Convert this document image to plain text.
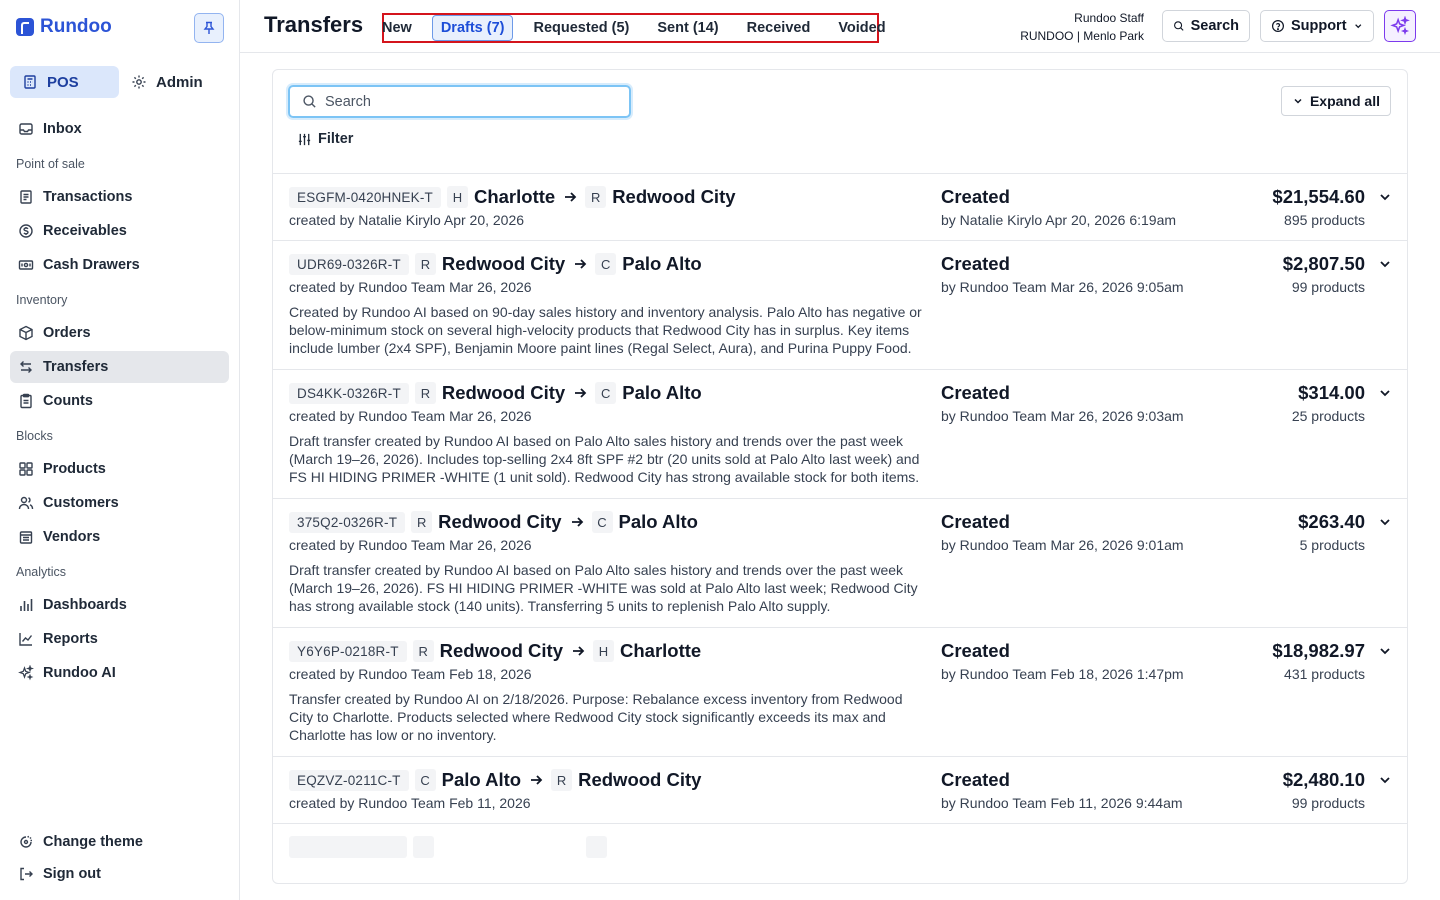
Rundoo
POS	Admin
Inbox
Point of sale
Transactions
Receivables
Cash Drawers
Inventory
Orders
Transfers
Counts
Blocks
Products
Customers
Vendors
Analytics
Dashboards
Reports
Rundoo AI
Change theme
Sign out
Transfers New	Drafts (7)	Requested (5)	Sent (14)	Received	Voided
Rundoo Staff
RUNDOO | Menlo Park
Search	Support
Search
Filter
Expand all
ESGFM-0420HNEK-T	H Charlotte	R Redwood City
created by Natalie Kirylo Apr 20, 2026
Created
by Natalie Kirylo Apr 20, 2026 6:19am
$21,554.60
895 products
UDR69-0326R-T	R Redwood City	C Palo Alto
created by Rundoo Team Mar 26, 2026
Created by Rundoo AI based on 90-day sales history and inventory analysis. Palo Alto has negative or below-minimum stock on several high-velocity products that Redwood City has in surplus. Key items include lumber (2x4 SPF), Benjamin Moore paint lines (Regal Select, Aura), and Purina Puppy Food.
Created
by Rundoo Team Mar 26, 2026 9:05am
$2,807.50
99 products
DS4KK-0326R-T	R Redwood City	C Palo Alto
created by Rundoo Team Mar 26, 2026
Draft transfer created by Rundoo AI based on Palo Alto sales history and trends over the past week (March 19–26, 2026). Includes top-selling 2x4 8ft SPF #2 btr (20 units sold at Palo Alto last week) and FS HI HIDING PRIMER -WHITE (1 unit sold). Redwood City has strong available stock for both items.
Created
by Rundoo Team Mar 26, 2026 9:03am
$314.00
25 products
375Q2-0326R-T	R Redwood City	C Palo Alto
created by Rundoo Team Mar 26, 2026
Draft transfer created by Rundoo AI based on Palo Alto sales history and trends over the past week (March 19–26, 2026). FS HI HIDING PRIMER -WHITE was sold at Palo Alto last week; Redwood City has strong available stock (140 units). Transferring 5 units to replenish Palo Alto supply.
Created
by Rundoo Team Mar 26, 2026 9:01am
$263.40
5 products
Y6Y6P-0218R-T	R Redwood City	H Charlotte
created by Rundoo Team Feb 18, 2026
Transfer created by Rundoo AI on 2/18/2026. Purpose: Rebalance excess inventory from Redwood City to Charlotte. Products selected where Redwood City stock significantly exceeds its max and Charlotte has low or no inventory.
Created
by Rundoo Team Feb 18, 2026 1:47pm
$18,982.97
431 products
EQZVZ-0211C-T	C Palo Alto	R Redwood City
created by Rundoo Team Feb 11, 2026
Created
by Rundoo Team Feb 11, 2026 9:44am
$2,480.10
99 products
